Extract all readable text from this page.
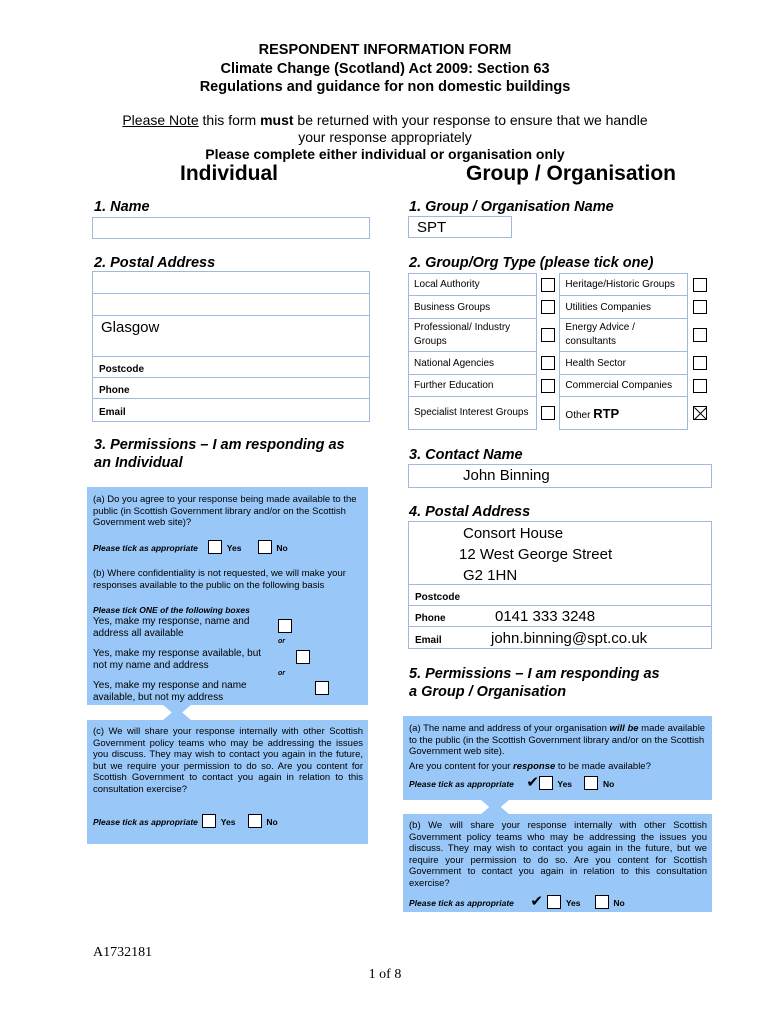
RESPONDENT INFORMATION FORM
Climate Change (Scotland) Act 2009: Section 63
Regulations and guidance for non domestic buildings
Please Note this form must be returned with your response to ensure that we handle
your response appropriately
Please complete either individual or organisation only
Individual	Group / Organisation
1. Name
2. Postal Address
Glasgow
Postcode
Phone
Email
3. Permissions – I am responding as
an Individual
(a) Do you agree to your response being made available to the public (in Scottish Government library and/or on the Scottish Government web site)?
Please tick as appropriate	Yes	No
(b) Where confidentiality is not requested, we will make your responses available to the public on the following basis
Please tick ONE of the following boxes
Yes, make my response, name and address all available

or
Yes, make my response available, but not my name and address

or
Yes, make my response and name available, but not my address
(c) We will share your response internally with other Scottish Government policy teams who may be addressing the issues you discuss. They may wish to contact you again in the future, but we require your permission to do so. Are you content for Scottish Government to contact you again in relation to this consultation exercise?
Please tick as appropriate	Yes	No
1. Group / Organisation Name
SPT
2. Group/Org Type (please tick one)
Local Authority		Heritage/Historic Groups	
Business Groups		Utilities Companies	
Professional/ Industry Groups		Energy Advice / consultants	
National Agencies		Health Sector	
Further Education		Commercial Companies	
Specialist Interest Groups		Other RTP	
3. Contact Name
John Binning
4. Postal Address
Consort House
12 West George Street
G2 1HN
Postcode
Phone	0141 333 3248
Email	john.binning@spt.co.uk
5. Permissions – I am responding as
a Group / Organisation
(a) The name and address of your organisation will be made available to the public (in the Scottish Government library and/or on the Scottish Government web site).
Are you content for your response to be made available?
Please tick as appropriate ✔ Yes	No
(b) We will share your response internally with other Scottish Government policy teams who may be addressing the issues you discuss. They may wish to contact you again in the future, but we require your permission to do so. Are you content for Scottish Government to contact you again in relation to this consultation exercise?
Please tick as appropriate ✔	Yes	No
A1732181
1 of 8
